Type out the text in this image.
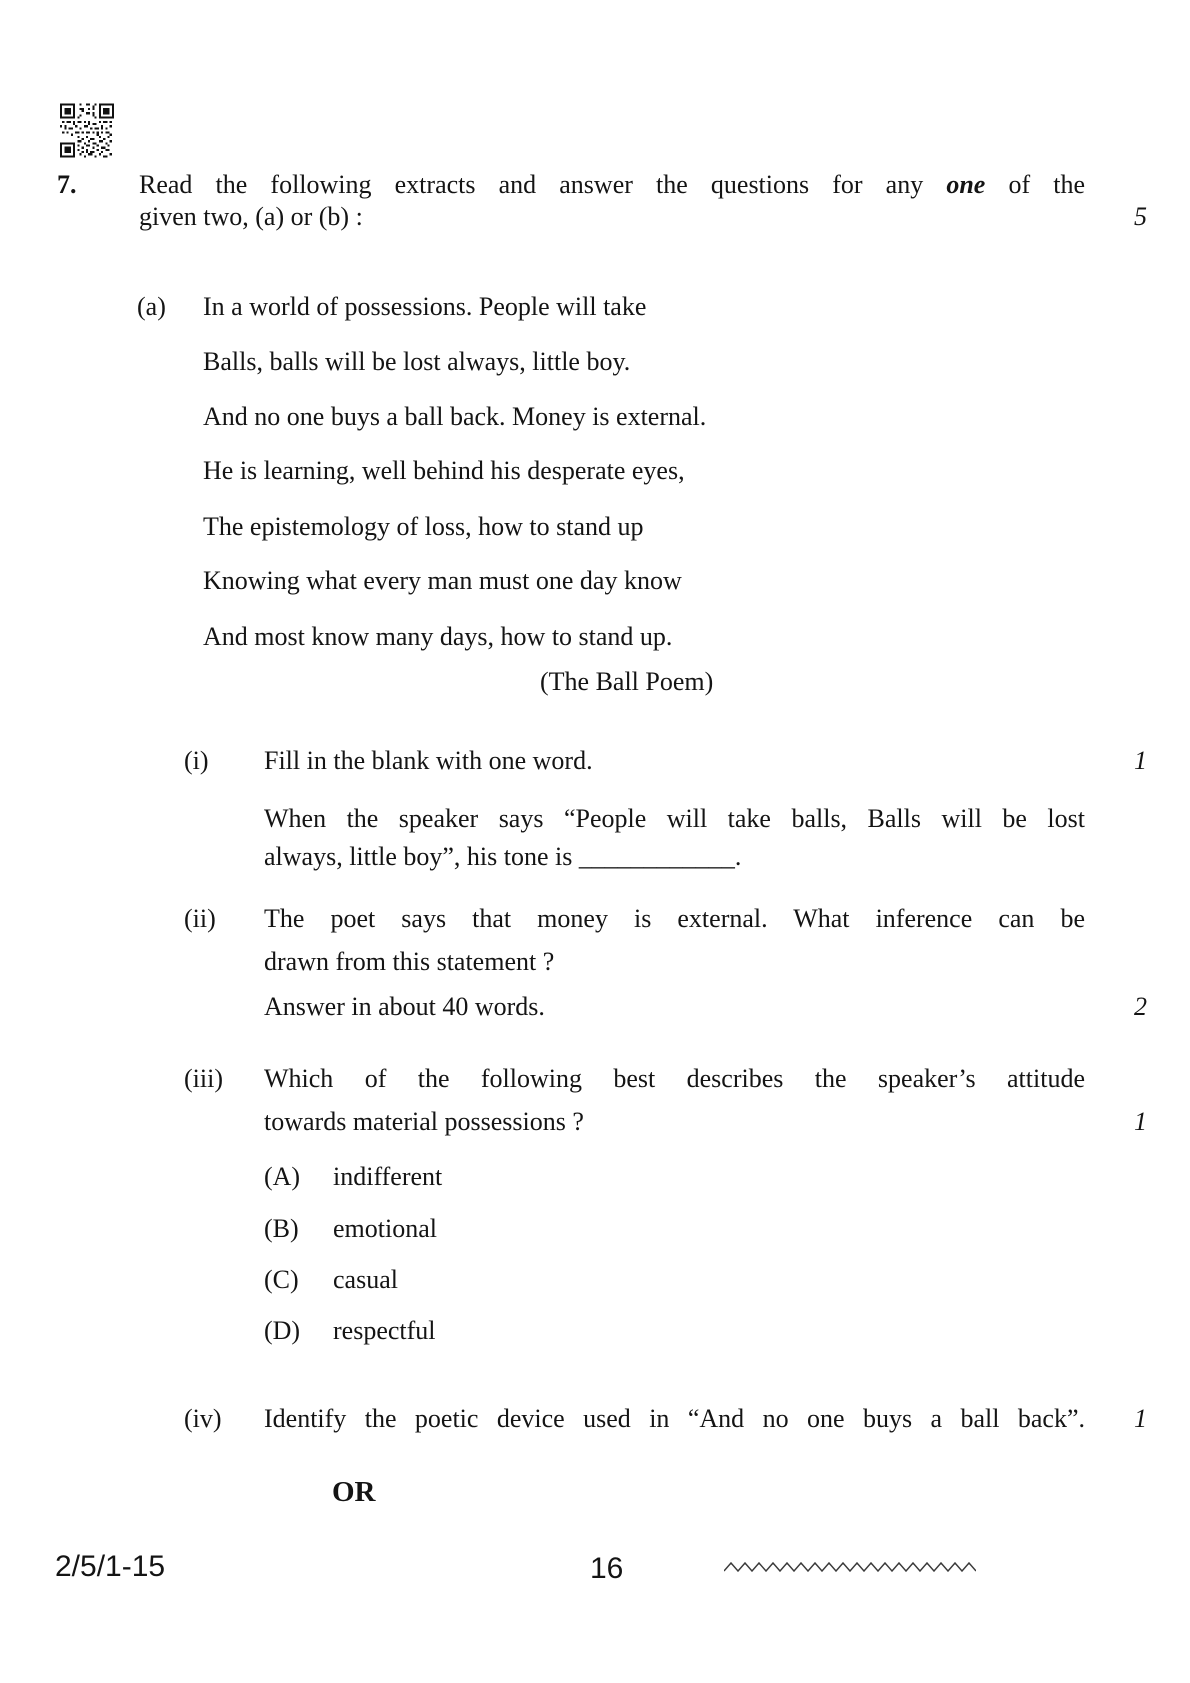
7. Read the following extracts and answer the questions for any one of the
given two, (a) or (b) :	5
(a) In a world of possessions. People will take
Balls, balls will be lost always, little boy.
And no one buys a ball back. Money is external.
He is learning, well behind his desperate eyes,
The epistemology of loss, how to stand up
Knowing what every man must one day know
And most know many days, how to stand up.
(The Ball Poem)
(i) Fill in the blank with one word.	1
When the speaker says “People will take balls, Balls will be lost
always, little boy”, his tone is ____________.
(ii) The poet says that money is external. What inference can be
drawn from this statement ?
Answer in about 40 words.	2
(iii) Which of the following best describes the speaker’s attitude
towards material possessions ?	1
(A) indifferent
(B) emotional
(C) casual
(D) respectful
(iv) Identify the poetic device used in “And no one buys a ball back”.	1
OR
2/5/1-15	16
